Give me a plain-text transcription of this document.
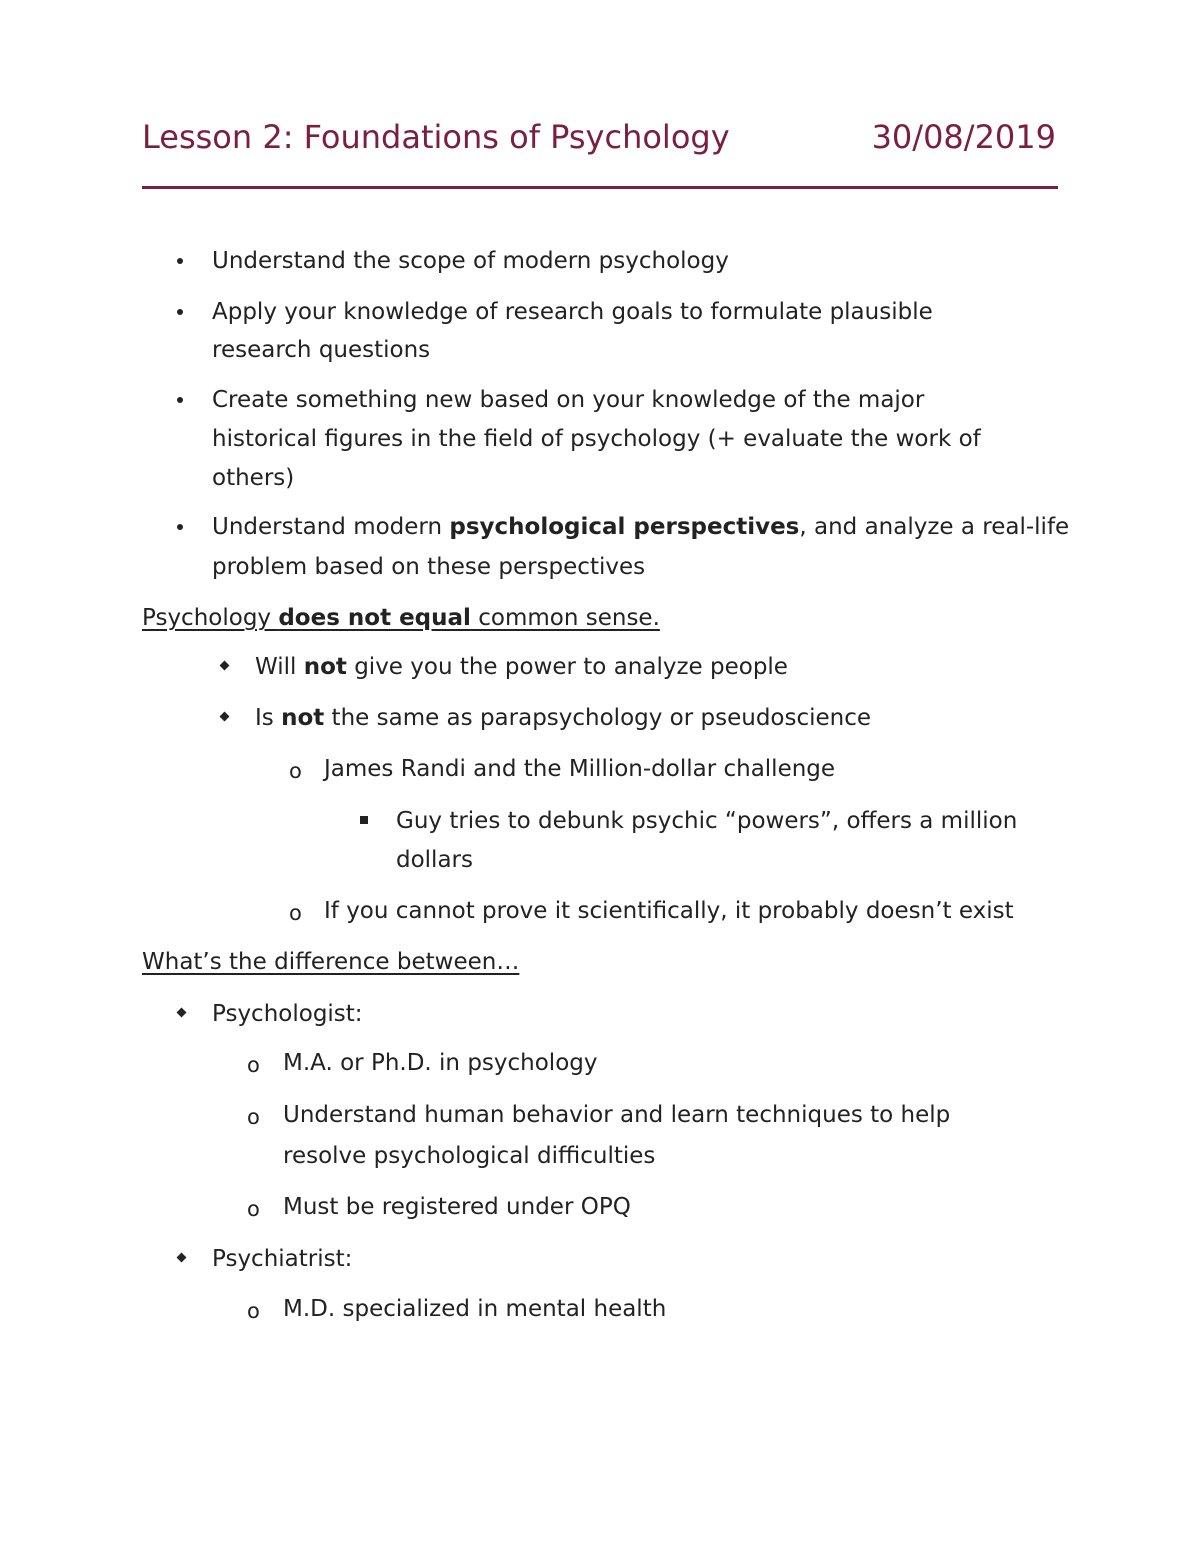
Lesson 2: Foundations of Psychology	30/08/2019
Understand the scope of modern psychology
Apply your knowledge of research goals to formulate plausible
research questions
Create something new based on your knowledge of the major
historical figures in the field of psychology (+ evaluate the work of
others)
Understand modern psychological perspectives, and analyze a real-life
problem based on these perspectives
Psychology does not equal common sense.
Will not give you the power to analyze people
Is not the same as parapsychology or pseudoscience
o James Randi and the Million-dollar challenge
Guy tries to debunk psychic “powers”, offers a million
dollars
o If you cannot prove it scientifically, it probably doesn’t exist
What’s the difference between…
Psychologist:
o M.A. or Ph.D. in psychology
o Understand human behavior and learn techniques to help
resolve psychological difficulties
o Must be registered under OPQ
Psychiatrist:
o M.D. specialized in mental health
